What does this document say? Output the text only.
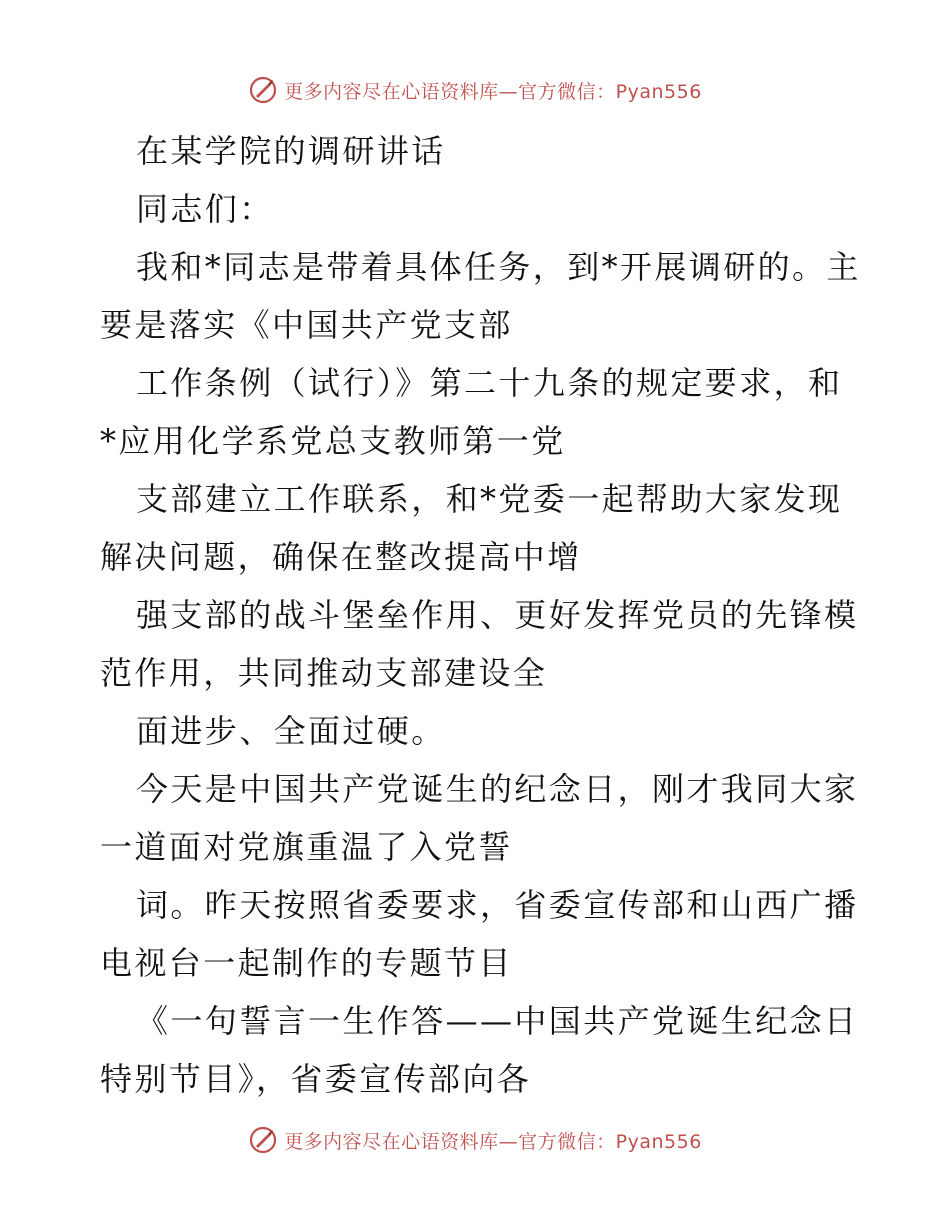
更多内容尽在心语资料库—官方微信：Pyan556
在某学院的调研讲话
同志们：
我和*同志是带着具体任务，到*开展调研的。主
要是落实《中国共产党支部
工作条例（试行）》第二十九条的规定要求，和
*应用化学系党总支教师第一党
支部建立工作联系，和*党委一起帮助大家发现
解决问题，确保在整改提高中增
强支部的战斗堡垒作用、更好发挥党员的先锋模
范作用，共同推动支部建设全
面进步、全面过硬。
今天是中国共产党诞生的纪念日，刚才我同大家
一道面对党旗重温了入党誓
词。昨天按照省委要求，省委宣传部和山西广播
电视台一起制作的专题节目
《一句誓言一生作答——中国共产党诞生纪念日
特别节目》，省委宣传部向各
更多内容尽在心语资料库—官方微信：Pyan556
